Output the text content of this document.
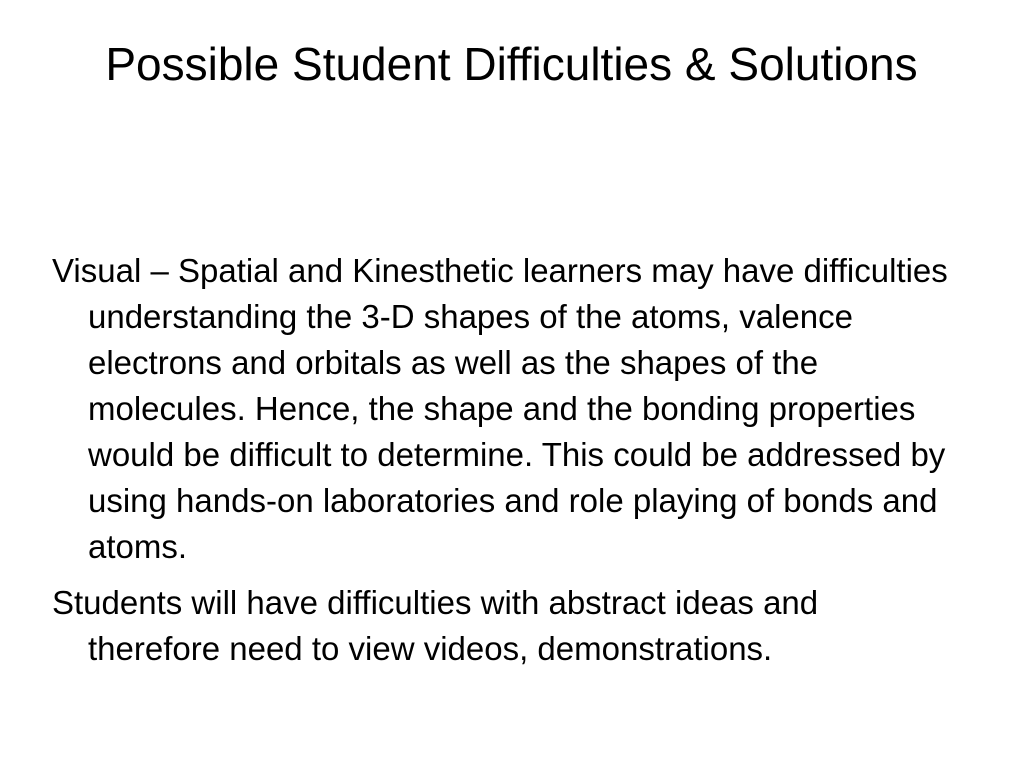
Possible Student Difficulties & Solutions
Visual – Spatial and Kinesthetic learners may have difficulties understanding the 3-D shapes of the atoms, valence electrons and orbitals as well as the shapes of the molecules. Hence, the shape and the bonding properties would be difficult to determine. This could be addressed by using hands-on laboratories and role playing of bonds and atoms.
Students will have difficulties with abstract ideas and therefore need to view videos, demonstrations.
